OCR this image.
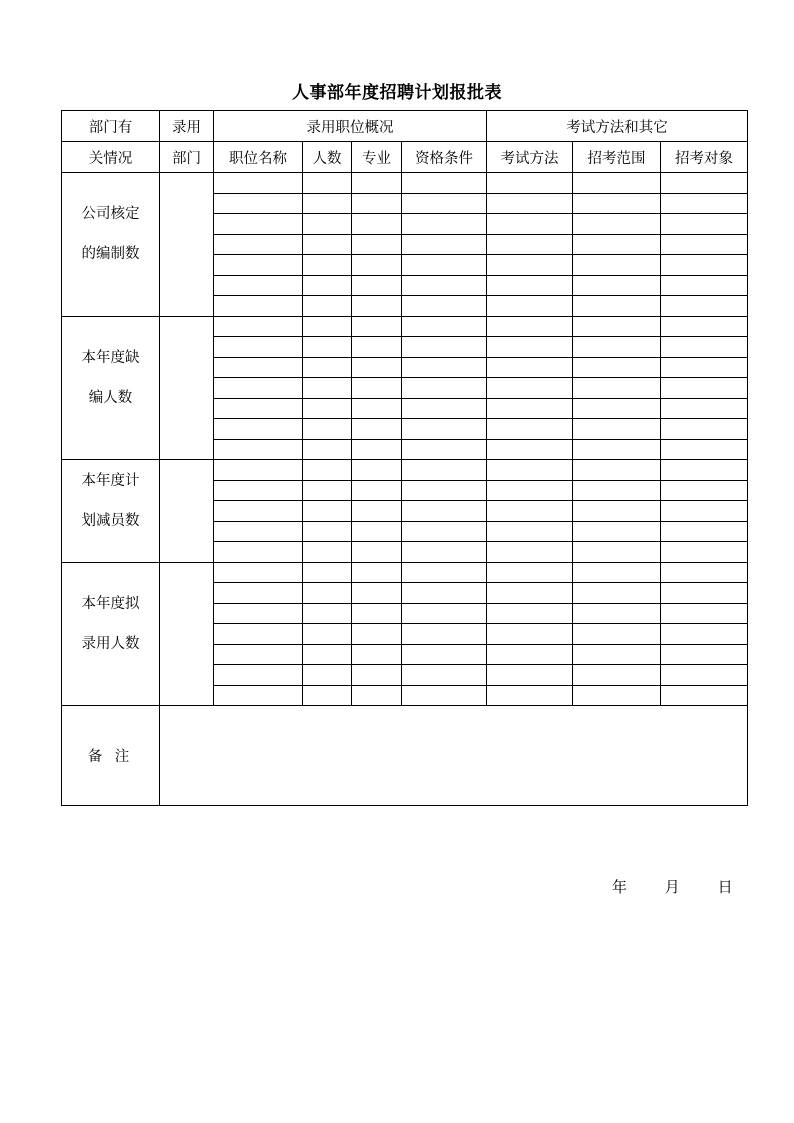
人事部年度招聘计划报批表
部门有	录用	录用职位概况				考试方法和其它		
关情况	部门	职位名称	人数	专业	资格条件	考试方法	招考范围	招考对象

公司核定
的编制数								

本年度缺
编人数								

本年度计
划减员数								

本年度拟
录用人数								

备 注								
年	月	日
